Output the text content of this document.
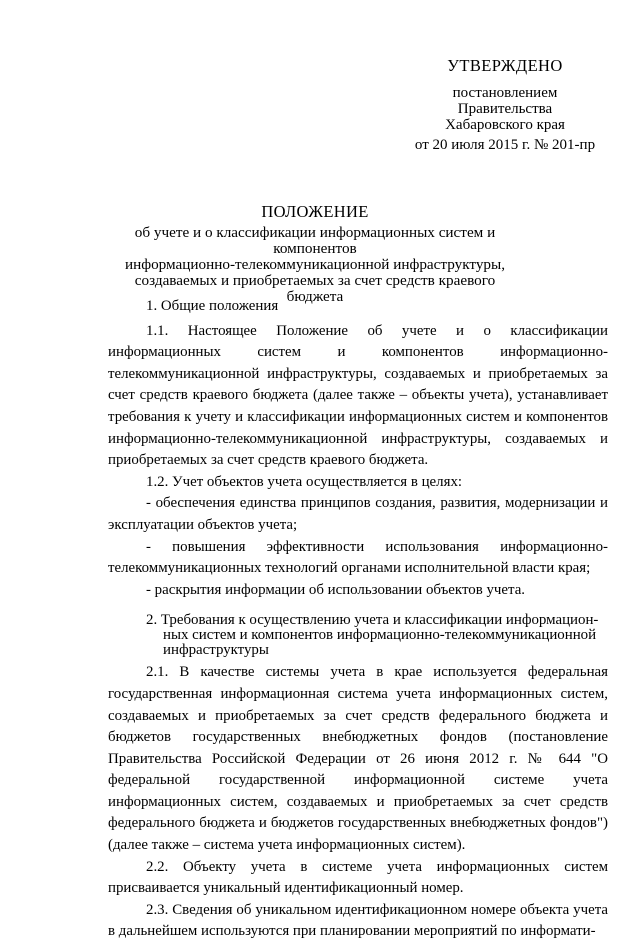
УТВЕРЖДЕНО
постановлением
Правительства
Хабаровского края
от 20 июля 2015 г. № 201-пр
ПОЛОЖЕНИЕ
об учете и о классификации информационных систем и компонентов
информационно-телекоммуникационной инфраструктуры,
создаваемых и приобретаемых за счет средств краевого бюджета

1. Общие положения

1.1. Настоящее Положение об учете и о классификации информационных систем и компонентов информационно-телекоммуникационной инфраструктуры, создаваемых и приобретаемых за счет средств краевого бюджета (далее также – объекты учета), устанавливает требования к учету и классификации информационных систем и компонентов информационно-телекоммуникационной инфраструктуры, создаваемых и приобретаемых за счет средств краевого бюджета.

1.2. Учет объектов учета осуществляется в целях:

- обеспечения единства принципов создания, развития, модернизации и эксплуатации объектов учета;

- повышения эффективности использования информационно-телекоммуникационных технологий органами исполнительной власти края;

- раскрытия информации об использовании объектов учета.

2. Требования к осуществлению учета и классификации информацион-
ных систем и компонентов информационно-телекоммуникационной
инфраструктуры

2.1. В качестве системы учета в крае используется федеральная государственная информационная система учета информационных систем, создаваемых и приобретаемых за счет средств федерального бюджета и бюджетов государственных внебюджетных фондов (постановление Правительства Российской Федерации от 26 июня 2012 г. № 644 "О федеральной государственной информационной системе учета информационных систем, создаваемых и приобретаемых за счет средств федерального бюджета и бюджетов государственных внебюджетных фондов") (далее также – система учета информационных систем).

2.2. Объекту учета в системе учета информационных систем присваивается уникальный идентификационный номер.

2.3. Сведения об уникальном идентификационном номере объекта учета в дальнейшем используются при планировании мероприятий по информати-
